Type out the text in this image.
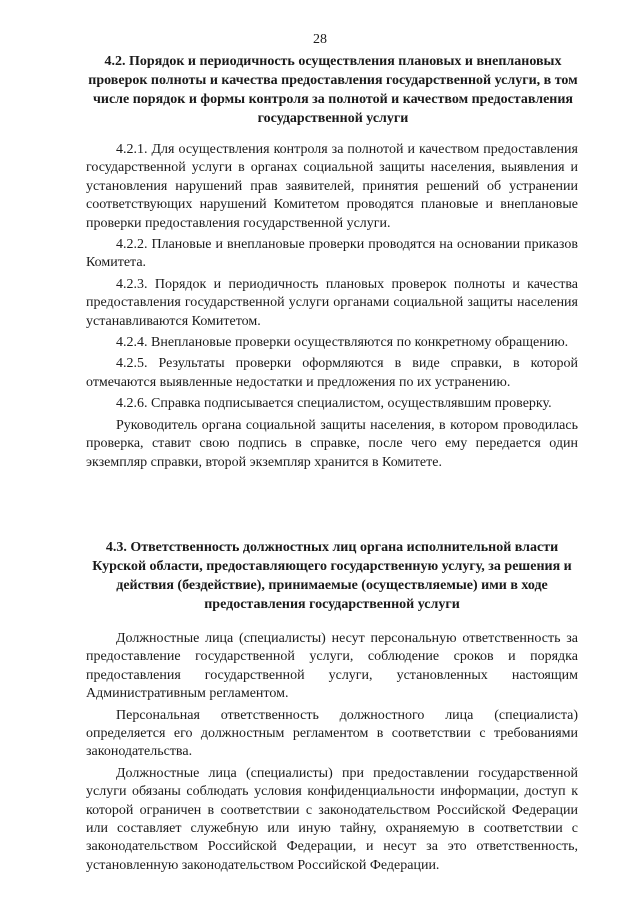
28
4.2. Порядок и периодичность осуществления плановых и внеплановых проверок полноты и качества предоставления государственной услуги, в том числе порядок и формы контроля за полнотой и качеством предоставления государственной услуги

4.2.1. Для осуществления контроля за полнотой и качеством предоставления государственной услуги в органах социальной защиты населения, выявления и установления нарушений прав заявителей, принятия решений об устранении соответствующих нарушений Комитетом проводятся плановые и внеплановые проверки предоставления государственной услуги.

4.2.2. Плановые и внеплановые проверки проводятся на основании приказов Комитета.

4.2.3. Порядок и периодичность плановых проверок полноты и качества предоставления государственной услуги органами социальной защиты населения устанавливаются Комитетом.

4.2.4. Внеплановые проверки осуществляются по конкретному обращению.

4.2.5. Результаты проверки оформляются в виде справки, в которой отмечаются выявленные недостатки и предложения по их устранению.

4.2.6. Справка подписывается специалистом, осуществлявшим проверку.

Руководитель органа социальной защиты населения, в котором проводилась проверка, ставит свою подпись в справке, после чего ему передается один экземпляр справки, второй экземпляр хранится в Комитете.

4.3. Ответственность должностных лиц органа исполнительной власти Курской области, предоставляющего государственную услугу, за решения и действия (бездействие), принимаемые (осуществляемые) ими в ходе предоставления государственной услуги

Должностные лица (специалисты) несут персональную ответственность за предоставление государственной услуги, соблюдение сроков и порядка предоставления государственной услуги, установленных настоящим Административным регламентом.

Персональная ответственность должностного лица (специалиста) определяется его должностным регламентом в соответствии с требованиями законодательства.

Должностные лица (специалисты) при предоставлении государственной услуги обязаны соблюдать условия конфиденциальности информации, доступ к которой ограничен в соответствии с законодательством Российской Федерации или составляет служебную или иную тайну, охраняемую в соответствии с законодательством Российской Федерации, и несут за это ответственность, установленную законодательством Российской Федерации.
